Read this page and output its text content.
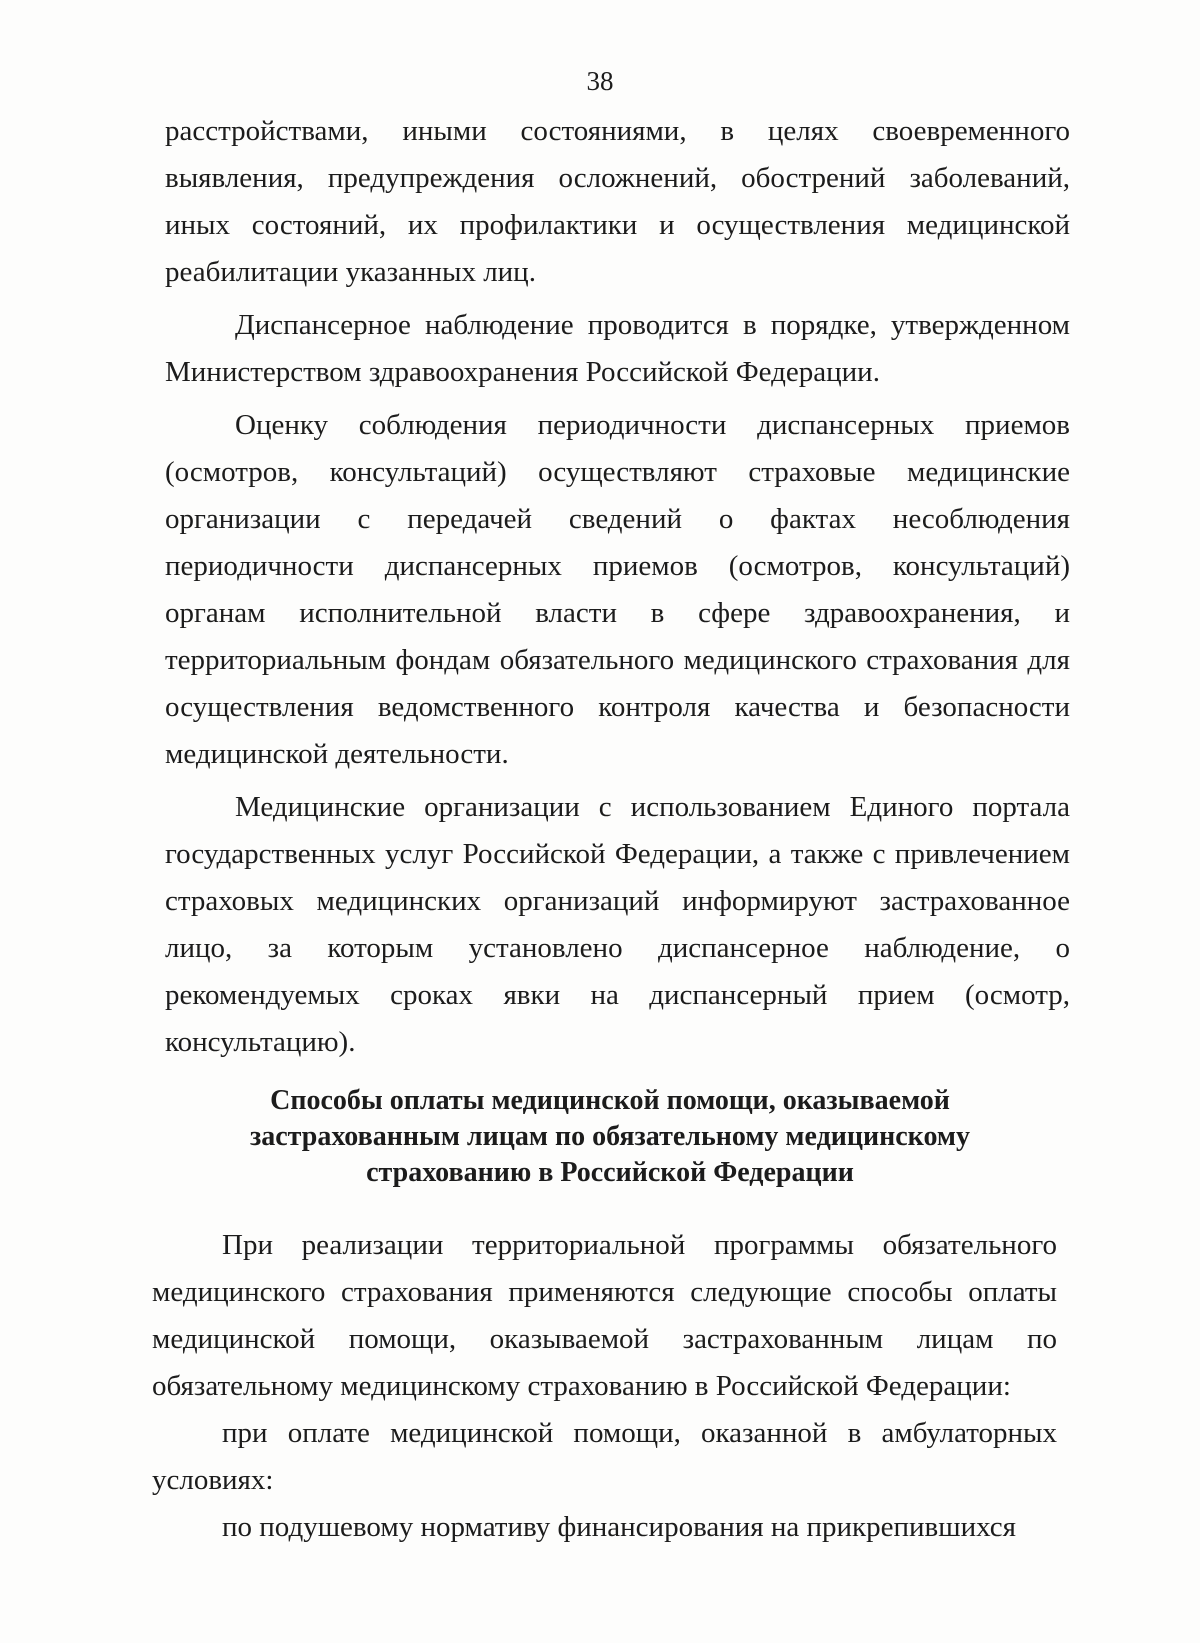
38

расстройствами, иными состояниями, в целях своевременного выявления, предупреждения осложнений, обострений заболеваний, иных состояний, их профилактики и осуществления медицинской реабилитации указанных лиц.

Диспансерное наблюдение проводится в порядке, утвержденном Министерством здравоохранения Российской Федерации.

Оценку соблюдения периодичности диспансерных приемов (осмотров, консультаций) осуществляют страховые медицинские организации с передачей сведений о фактах несоблюдения периодичности диспансерных приемов (осмотров, консультаций) органам исполнительной власти в сфере здравоохранения, и территориальным фондам обязательного медицинского страхования для осуществления ведомственного контроля качества и безопасности медицинской деятельности.

Медицинские организации с использованием Единого портала государственных услуг Российской Федерации, а также с привлечением страховых медицинских организаций информируют застрахованное лицо, за которым установлено диспансерное наблюдение, о рекомендуемых сроках явки на диспансерный прием (осмотр, консультацию).

Способы оплаты медицинской помощи, оказываемой
застрахованным лицам по обязательному медицинскому
страхованию в Российской Федерации

При реализации территориальной программы обязательного медицинского страхования применяются следующие способы оплаты медицинской помощи, оказываемой застрахованным лицам по обязательному медицинскому страхованию в Российской Федерации:

при оплате медицинской помощи, оказанной в амбулаторных условиях:

по подушевому нормативу финансирования на прикрепившихся
